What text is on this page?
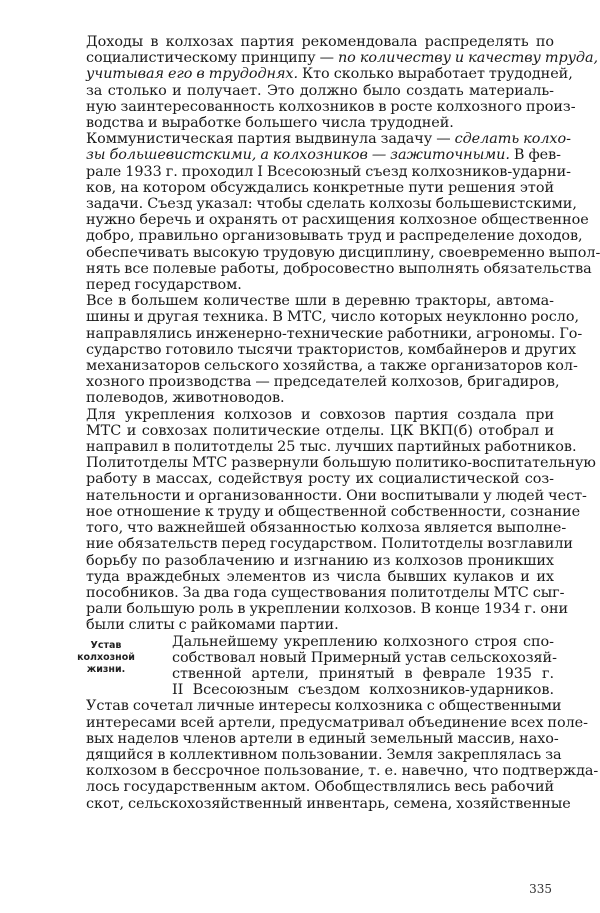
Доходы в колхозах партия рекомендовала распределять по
социалистическому принципу — по количеству и качеству труда,
учитывая его в трудоднях. Кто сколько выработает трудодней,
за столько и получает. Это должно было создать материаль-
ную заинтересованность колхозников в росте колхозного произ-
водства и выработке большего числа трудодней.

Коммунистическая партия выдвинула задачу — сделать колхо-
зы большевистскими, а колхозников — зажиточными. В фев-
рале 1933 г. проходил I Всесоюзный съезд колхозников-ударни-
ков, на котором обсуждались конкретные пути решения этой
задачи. Съезд указал: чтобы сделать колхозы большевистскими,
нужно беречь и охранять от расхищения колхозное общественное
добро, правильно организовывать труд и распределение доходов,
обеспечивать высокую трудовую дисциплину, своевременно выпол-
нять все полевые работы, добросовестно выполнять обязательства
перед государством.

Все в большем количестве шли в деревню тракторы, автома-
шины и другая техника. В МТС, число которых неуклонно росло,
направлялись инженерно-технические работники, агрономы. Го-
сударство готовило тысячи трактористов, комбайнеров и других
механизаторов сельского хозяйства, а также организаторов кол-
хозного производства — председателей колхозов, бригадиров,
полеводов, животноводов.

Для укрепления колхозов и совхозов партия создала при
МТС и совхозах политические отделы. ЦК ВКП(б) отобрал и
направил в политотделы 25 тыс. лучших партийных работников.
Политотделы МТС развернули большую политико-воспитательную
работу в массах, содействуя росту их социалистической соз-
нательности и организованности. Они воспитывали у людей чест-
ное отношение к труду и общественной собственности, сознание
того, что важнейшей обязанностью колхоза является выполне-
ние обязательств перед государством. Политотделы возглавили
борьбу по разоблачению и изгнанию из колхозов проникших
туда враждебных элементов из числа бывших кулаков и их
пособников. За два года существования политотделы МТС сыг-
рали большую роль в укреплении колхозов. В конце 1934 г. они
были слиты с райкомами партии.

Устав
колхозной
жизни.

Дальнейшему укреплению колхозного строя спо-
собствовал новый Примерный устав сельскохозяй-
ственной артели, принятый в феврале 1935 г.
II Всесоюзным съездом колхозников-ударников.

Устав сочетал личные интересы колхозника с общественными
интересами всей артели, предусматривал объединение всех поле-
вых наделов членов артели в единый земельный массив, нахо-
дящийся в коллективном пользовании. Земля закреплялась за
колхозом в бессрочное пользование, т. е. навечно, что подтвержда-
лось государственным актом. Обобществлялись весь рабочий
скот, сельскохозяйственный инвентарь, семена, хозяйственные

335
